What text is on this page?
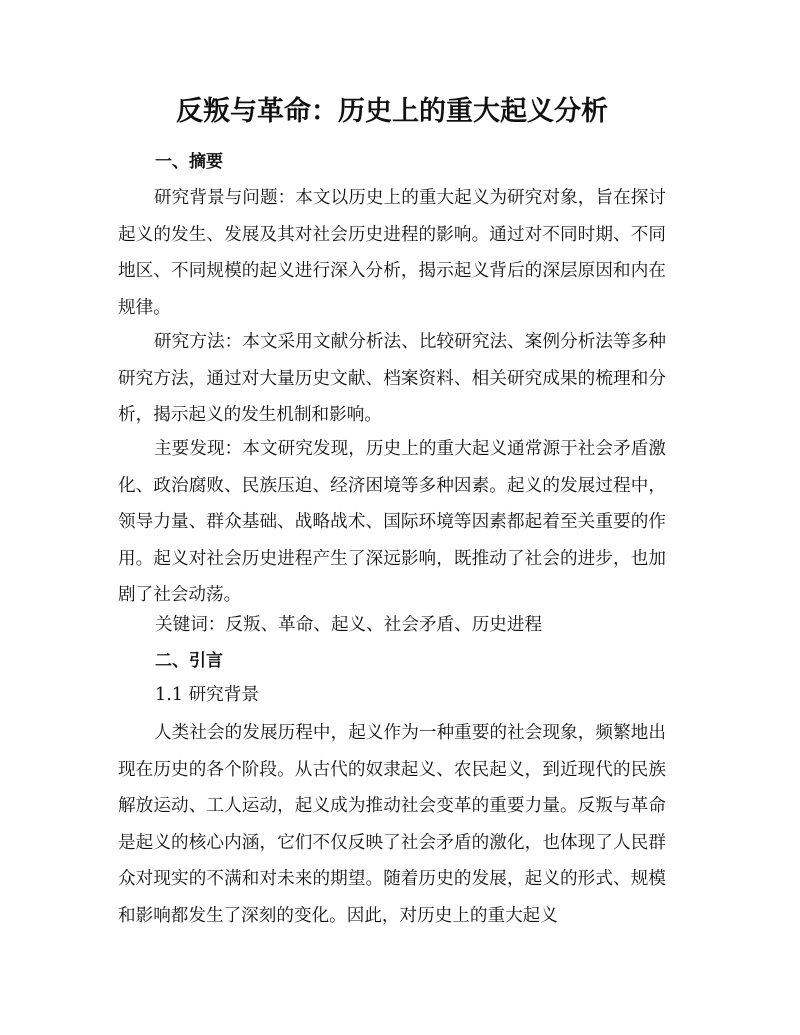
反叛与革命：历史上的重大起义分析
一、摘要

研究背景与问题：本文以历史上的重大起义为研究对象，旨在探讨起义的发生、发展及其对社会历史进程的影响。通过对不同时期、不同地区、不同规模的起义进行深入分析，揭示起义背后的深层原因和内在规律。

研究方法：本文采用文献分析法、比较研究法、案例分析法等多种研究方法，通过对大量历史文献、档案资料、相关研究成果的梳理和分析，揭示起义的发生机制和影响。

主要发现：本文研究发现，历史上的重大起义通常源于社会矛盾激化、政治腐败、民族压迫、经济困境等多种因素。起义的发展过程中，领导力量、群众基础、战略战术、国际环境等因素都起着至关重要的作用。起义对社会历史进程产生了深远影响，既推动了社会的进步，也加剧了社会动荡。

关键词：反叛、革命、起义、社会矛盾、历史进程

二、引言

1.1 研究背景

人类社会的发展历程中，起义作为一种重要的社会现象，频繁地出现在历史的各个阶段。从古代的奴隶起义、农民起义，到近现代的民族解放运动、工人运动，起义成为推动社会变革的重要力量。反叛与革命是起义的核心内涵，它们不仅反映了社会矛盾的激化，也体现了人民群众对现实的不满和对未来的期望。随着历史的发展，起义的形式、规模和影响都发生了深刻的变化。因此，对历史上的重大起义
